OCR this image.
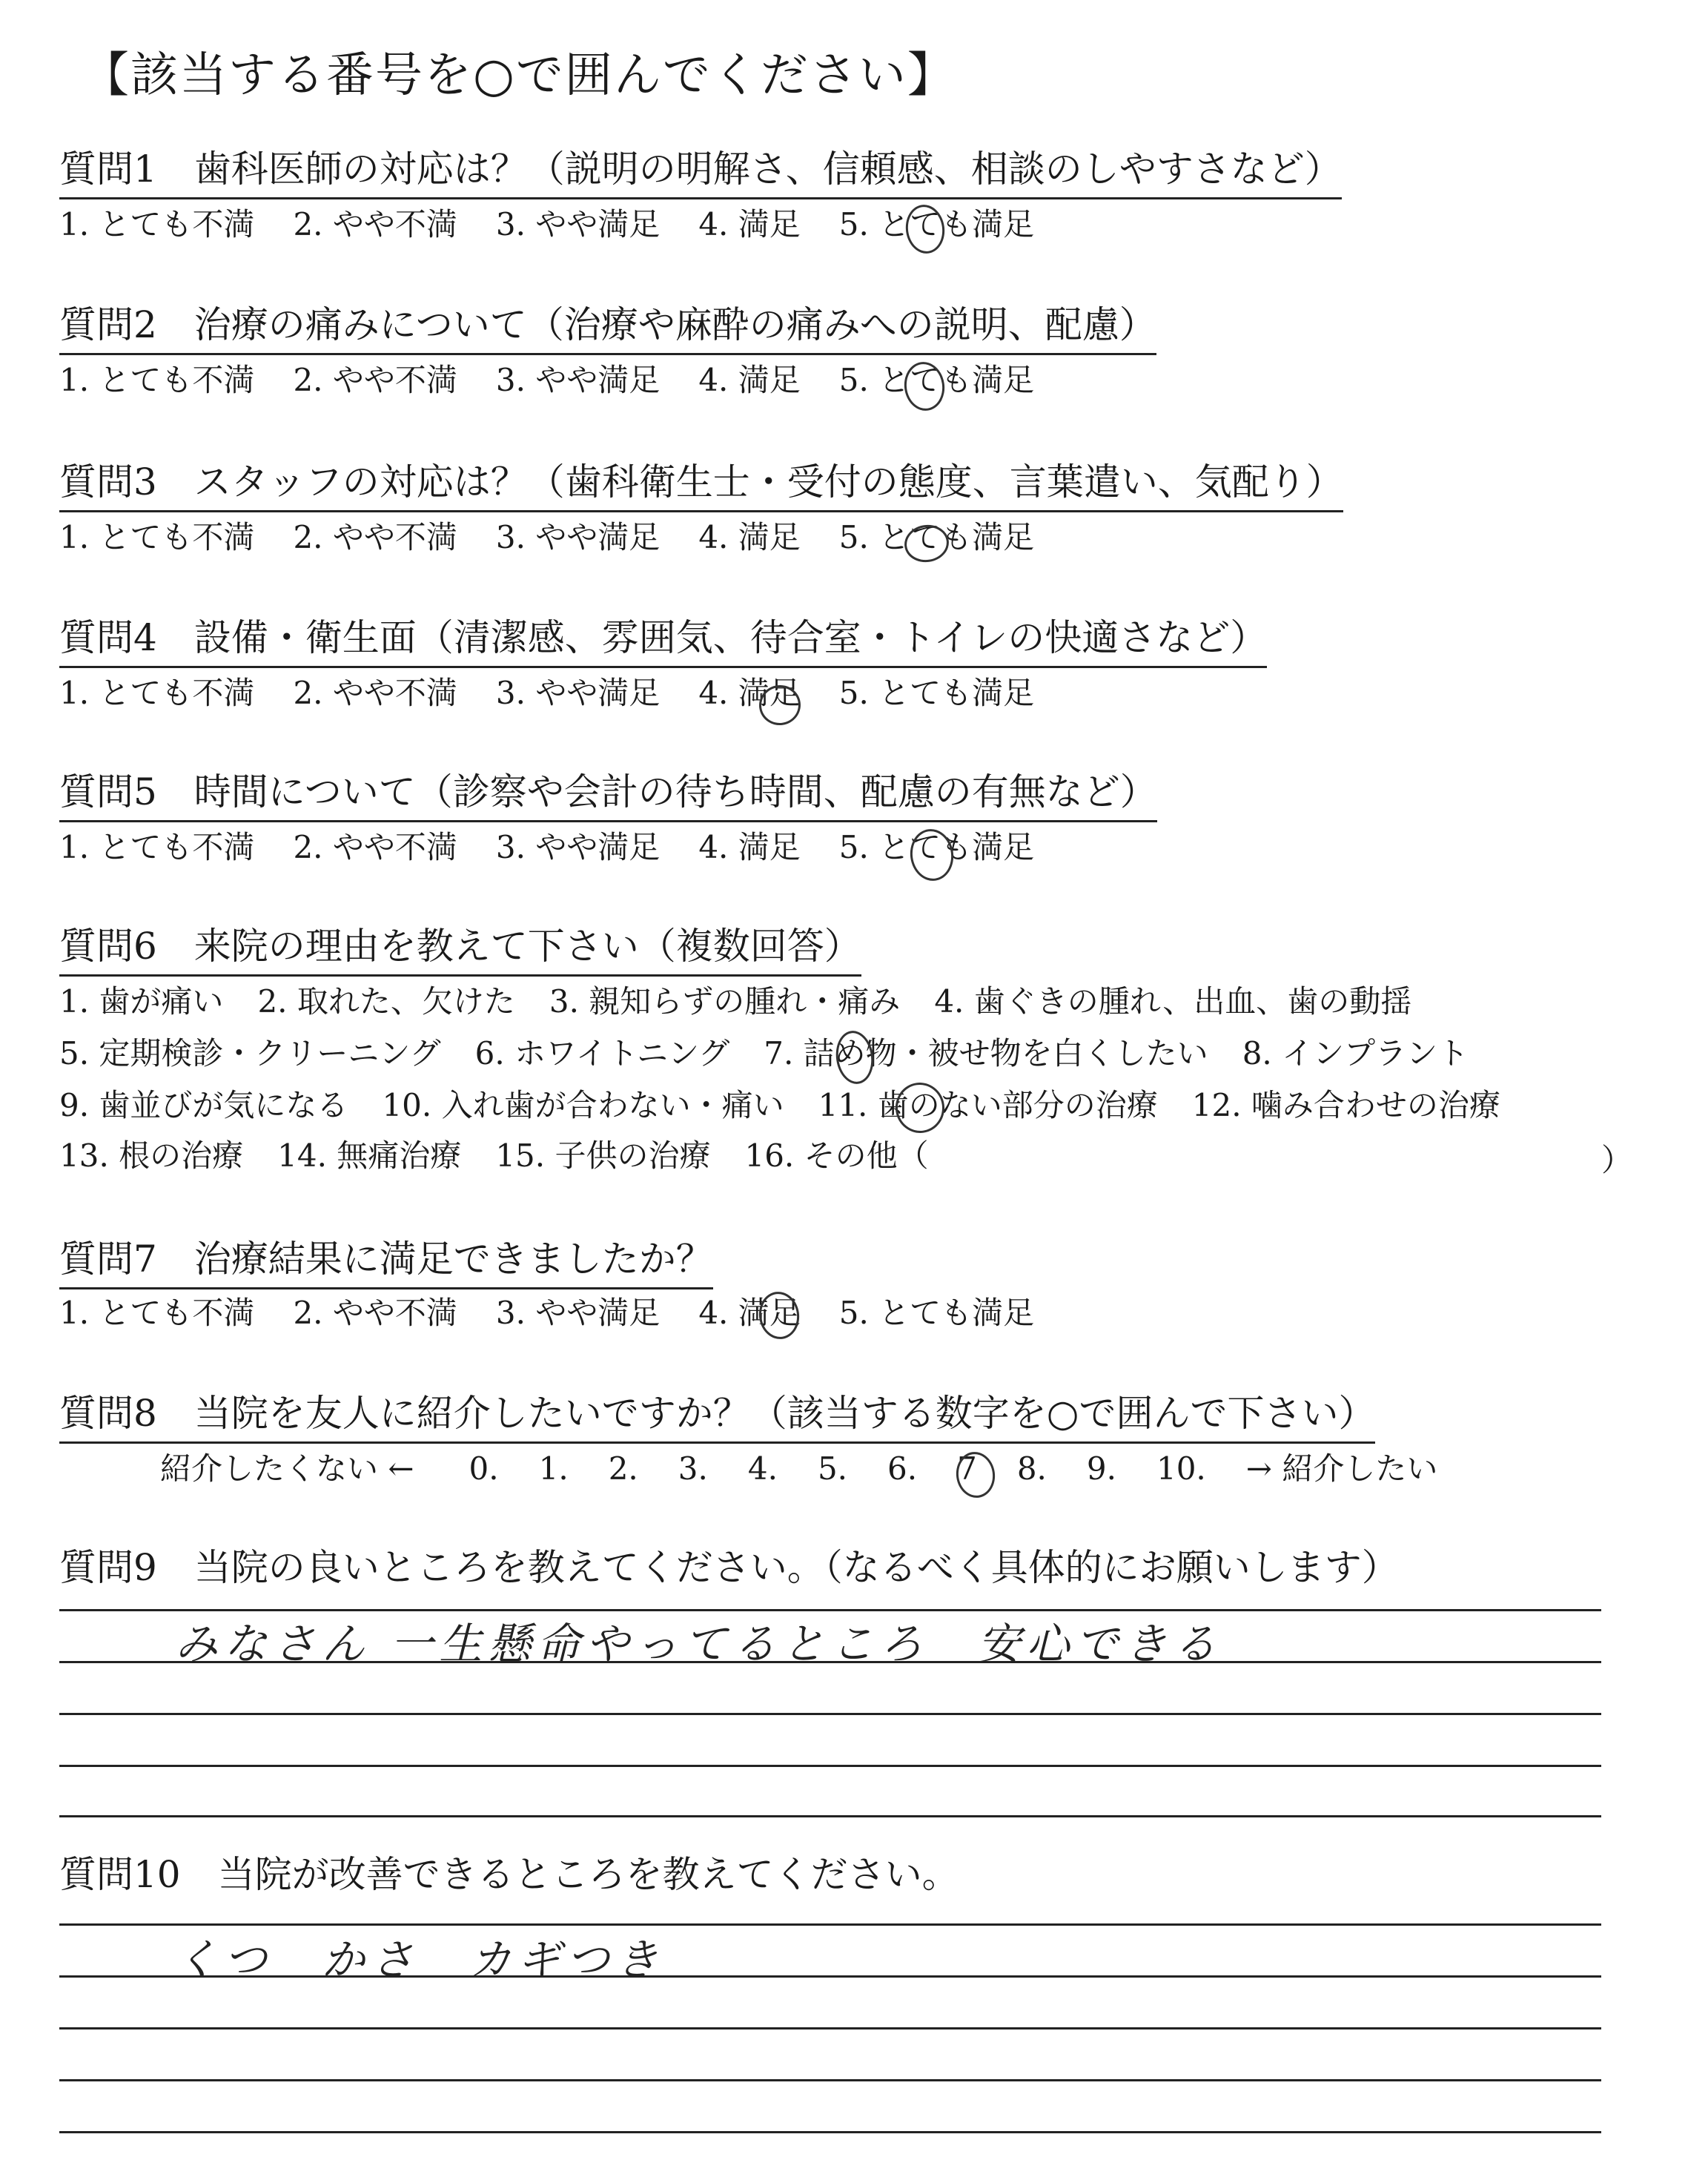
【該当する番号を○で囲んでください】
質問1　歯科医師の対応は？（説明の明解さ、信頼感、相談のしやすさなど）
1. とても不満 2. やや不満 3. やや満足 4. 満足 5. とても満足
質問2　治療の痛みについて（治療や麻酔の痛みへの説明、配慮）
1. とても不満 2. やや不満 3. やや満足 4. 満足 5. とても満足
質問3　スタッフの対応は？（歯科衛生士・受付の態度、言葉遣い、気配り）
1. とても不満 2. やや不満 3. やや満足 4. 満足 5. とても満足
質問4　設備・衛生面（清潔感、雰囲気、待合室・トイレの快適さなど）
1. とても不満 2. やや不満 3. やや満足 4. 満足 5. とても満足
質問5　時間について（診察や会計の待ち時間、配慮の有無など）
1. とても不満 2. やや不満 3. やや満足 4. 満足 5. とても満足
質問6　来院の理由を教えて下さい（複数回答）
1. 歯が痛い 2. 取れた、欠けた 3. 親知らずの腫れ・痛み 4. 歯ぐきの腫れ、出血、歯の動揺
5. 定期検診・クリーニング 6. ホワイトニング 7. 詰め物・被せ物を白くしたい 8. インプラント
9. 歯並びが気になる 10. 入れ歯が合わない・痛い 11. 歯のない部分の治療 12. 噛み合わせの治療
13. 根の治療 14. 無痛治療 15. 子供の治療 16. その他（	）
質問7　治療結果に満足できましたか？
1. とても不満 2. やや不満 3. やや満足 4. 満足 5. とても満足
質問8　当院を友人に紹介したいですか？（該当する数字を○で囲んで下さい）
紹介したくない ← 0. 1. 2. 3. 4. 5. 6. 7 8. 9. 10. → 紹介したい
質問9　当院の良いところを教えてください。（なるべく具体的にお願いします）
みなさん 一生懸命やってるところ　安心できる
質問10　当院が改善できるところを教えてください。
くつ　かさ　カギつき
